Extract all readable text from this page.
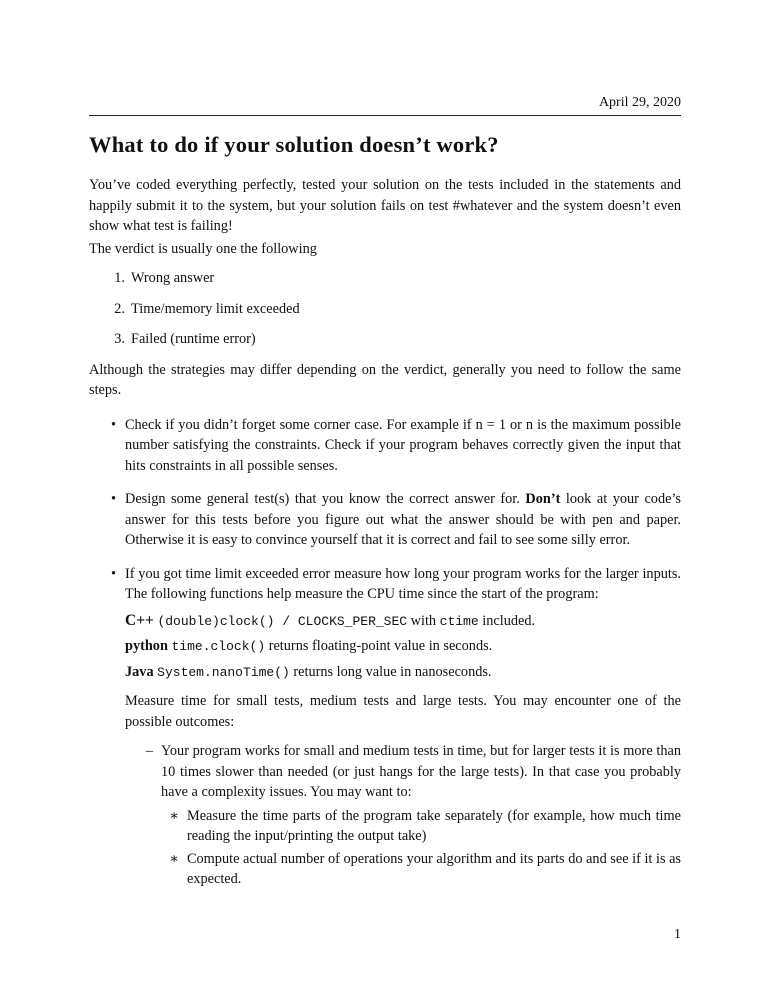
April 29, 2020
What to do if your solution doesn’t work?

You’ve coded everything perfectly, tested your solution on the tests included in the statements and happily submit it to the system, but your solution fails on test #whatever and the system doesn’t even show what test is failing!

The verdict is usually one the following

1. Wrong answer
2. Time/memory limit exceeded
3. Failed (runtime error)

Although the strategies may differ depending on the verdict, generally you need to follow the same steps.

• Check if you didn’t forget some corner case. For example if n = 1 or n is the maximum possible number satisfying the constraints. Check if your program behaves correctly given the input that hits constraints in all possible senses.
• Design some general test(s) that you know the correct answer for. Don’t look at your code’s answer for this tests before you figure out what the answer should be with pen and paper. Otherwise it is easy to convince yourself that it is correct and fail to see some silly error.
• If you got time limit exceeded error measure how long your program works for the larger inputs. The following functions help measure the CPU time since the start of the program:

C++ (double)clock() / CLOCKS_PER_SEC with ctime included.

python time.clock() returns floating-point value in seconds.

Java System.nanoTime() returns long value in nanoseconds.

Measure time for small tests, medium tests and large tests. You may encounter one of the possible outcomes:

– Your program works for small and medium tests in time, but for larger tests it is more than 10 times slower than needed (or just hangs for the large tests). In that case you probably have a complexity issues. You may want to:

∗ Measure the time parts of the program take separately (for example, how much time reading the input/printing the output take)
∗ Compute actual number of operations your algorithm and its parts do and see if it is as expected.
1
